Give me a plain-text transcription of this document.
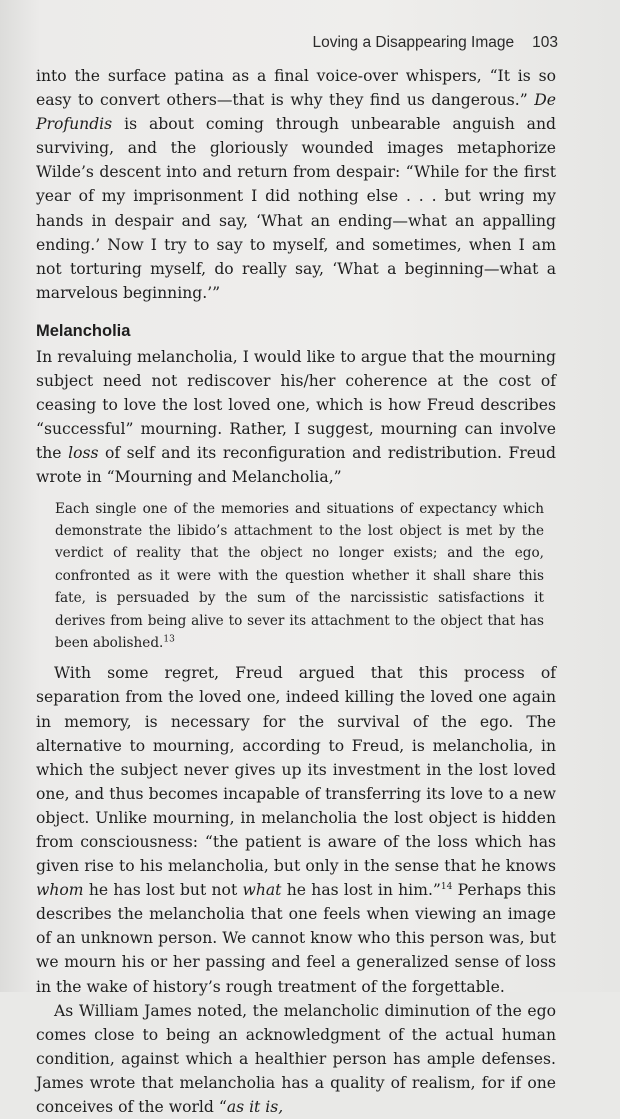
Loving a Disappearing Image 103

into the surface patina as a final voice-over whispers, “It is so easy to convert others—that is why they find us dangerous.” De Profundis is about coming through unbearable anguish and surviving, and the gloriously wounded images metaphorize Wilde’s descent into and return from despair: “While for the first year of my imprisonment I did nothing else . . . but wring my hands in despair and say, ‘What an ending—what an appalling ending.’ Now I try to say to myself, and sometimes, when I am not torturing myself, do really say, ‘What a beginning—what a marvelous beginning.’”

Melancholia

In revaluing melancholia, I would like to argue that the mourning subject need not rediscover his/her coherence at the cost of ceasing to love the lost loved one, which is how Freud describes “successful” mourning. Rather, I suggest, mourning can involve the loss of self and its reconfiguration and redistribution. Freud wrote in “Mourning and Melancholia,”

Each single one of the memories and situations of expectancy which demonstrate the libido’s attachment to the lost object is met by the verdict of reality that the object no longer exists; and the ego, confronted as it were with the question whether it shall share this fate, is persuaded by the sum of the narcissistic satisfactions it derives from being alive to sever its attachment to the object that has been abolished.$^{13}$

With some regret, Freud argued that this process of separation from the loved one, indeed killing the loved one again in memory, is necessary for the survival of the ego. The alternative to mourning, according to Freud, is melancholia, in which the subject never gives up its investment in the lost loved one, and thus becomes incapable of transferring its love to a new object. Unlike mourning, in melancholia the lost object is hidden from consciousness: “the patient is aware of the loss which has given rise to his melancholia, but only in the sense that he knows whom he has lost but not what he has lost in him.”$^{14}$ Perhaps this describes the melancholia that one feels when viewing an image of an unknown person. We cannot know who this person was, but we mourn his or her passing and feel a generalized sense of loss in the wake of history’s rough treatment of the forgettable.

As William James noted, the melancholic diminution of the ego comes close to being an acknowledgment of the actual human condition, against which a healthier person has ample defenses. James wrote that melancholia has a quality of realism, for if one conceives of the world “as it is,
